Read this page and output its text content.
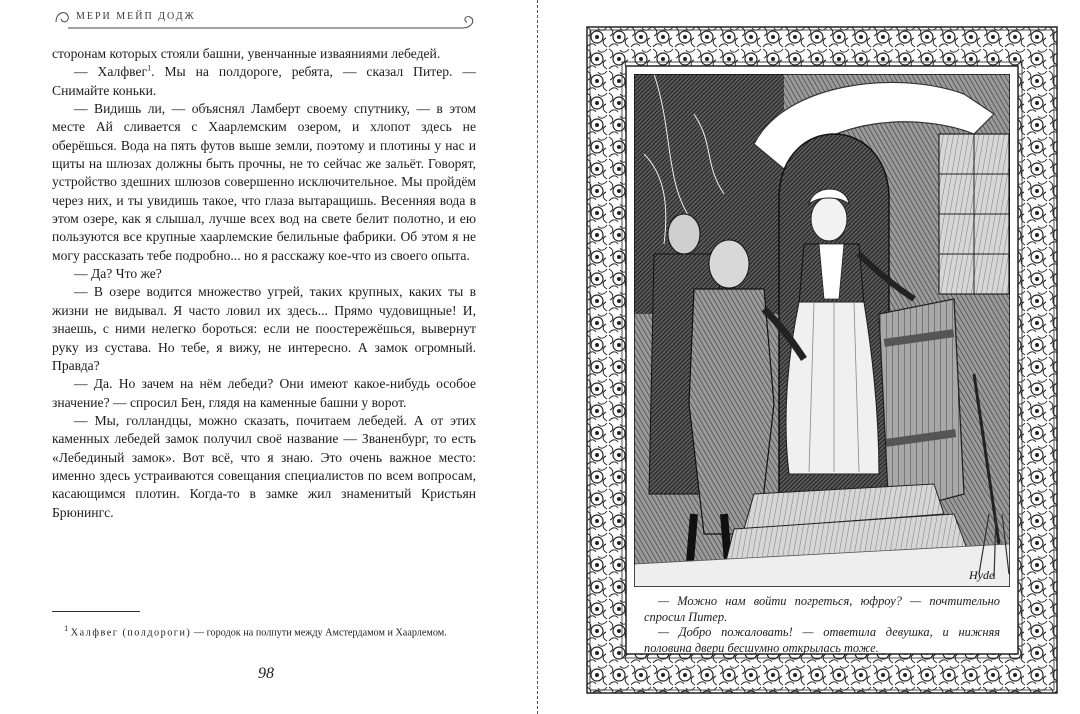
МЕРИ МЕЙП ДОДЖ

сторонам которых стояли башни, увенчанные изваяниями лебедей.

— Халфвег$^1$. Мы на полдороге, ребята, — сказал Питер. — Снимайте коньки.

— Видишь ли, — объяснял Ламберт своему спутнику, — в этом месте Ай сливается с Хаарлемским озером, и хлопот здесь не оберёшься. Вода на пять футов выше земли, поэтому и плотины у нас и щиты на шлюзах должны быть прочны, не то сейчас же зальёт. Говорят, устройство здешних шлюзов совершенно исключительное. Мы пройдём через них, и ты увидишь такое, что глаза вытаращишь. Весенняя вода в этом озере, как я слышал, лучше всех вод на свете белит полотно, и ею пользуются все крупные хаарлемские белильные фабрики. Об этом я не могу рассказать тебе подробно... но я расскажу кое-что из своего опыта.

— Да? Что же?

— В озере водится множество угрей, таких крупных, каких ты в жизни не видывал. Я часто ловил их здесь... Прямо чудовищные! И, знаешь, с ними нелегко бороться: если не поостережёшься, вывернут руку из сустава. Но тебе, я вижу, не интересно. А замок огромный. Правда?

— Да. Но зачем на нём лебеди? Они имеют какое-нибудь особое значение? — спросил Бен, глядя на каменные башни у ворот.

— Мы, голландцы, можно сказать, почитаем лебедей. А от этих каменных лебедей замок получил своё название — Званенбург, то есть «Лебединый замок». Вот всё, что я знаю. Это очень важное место: именно здесь устраиваются совещания специалистов по всем вопросам, касающимся плотин. Когда-то в замке жил знаменитый Кристьян Брюнингс.

$^1$ Халфвег (полдороги) — городок на полпути между Амстердамом и Хаарлемом.

98
Hyde

— Можно нам войти погреться, юфроу? — почтительно спросил Питер.

— Добро пожаловать! — ответила девушка, и нижняя половина двери бесшумно открылась тоже.
